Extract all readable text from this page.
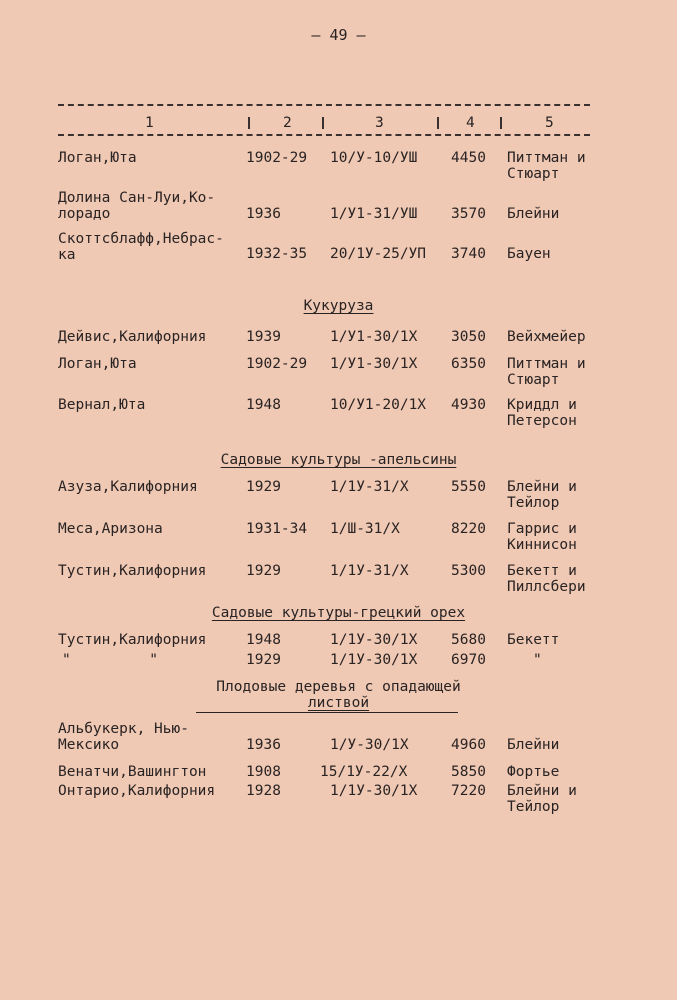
— 49 —
1	2	3	4	5
Логан,Юта	1902-29 10/У-10/УШ 4450 Питтман и
Стюарт
Долина Сан-Луи,Ко-
лорадо	1936	1/У1-31/УШ 3570 Блейни
Скоттсблафф,Небрас-
ка	1932-35 20/1У-25/УП 3740 Бауен
Кукуруза
Дейвис,Калифорния	1939	1/У1-30/1Х 3050 Вейхмейер
Логан,Юта	1902-29 1/У1-30/1Х 6350 Питтман и
Стюарт
Вернал,Юта	1948	10/У1-20/1Х 4930 Криддл и
Петерсон
Садовые культуры -апельсины
Азуза,Калифорния	1929	1/1У-31/Х	5550 Блейни и
Тейлор
Меса,Аризона	1931-34 1/Ш-31/Х	8220 Гаррис и
Киннисон
Тустин,Калифорния	1929	1/1У-31/Х	5300 Бекетт и
Пиллсбери
Садовые культуры-грецкий орех
Тустин,Калифорния	1948	1/1У-30/1Х 5680 Бекетт
"         "	1929	1/1У-30/1Х 6970	"
Плодовые деревья с опадающей
листвой
Альбукерк, Нью-
Мексико	1936	1/У-30/1Х	4960 Блейни
Венатчи,Вашингтон	1908	15/1У-22/Х	5850 Фортье
Онтарио,Калифорния 1928	1/1У-30/1Х 7220 Блейни и
Тейлор
